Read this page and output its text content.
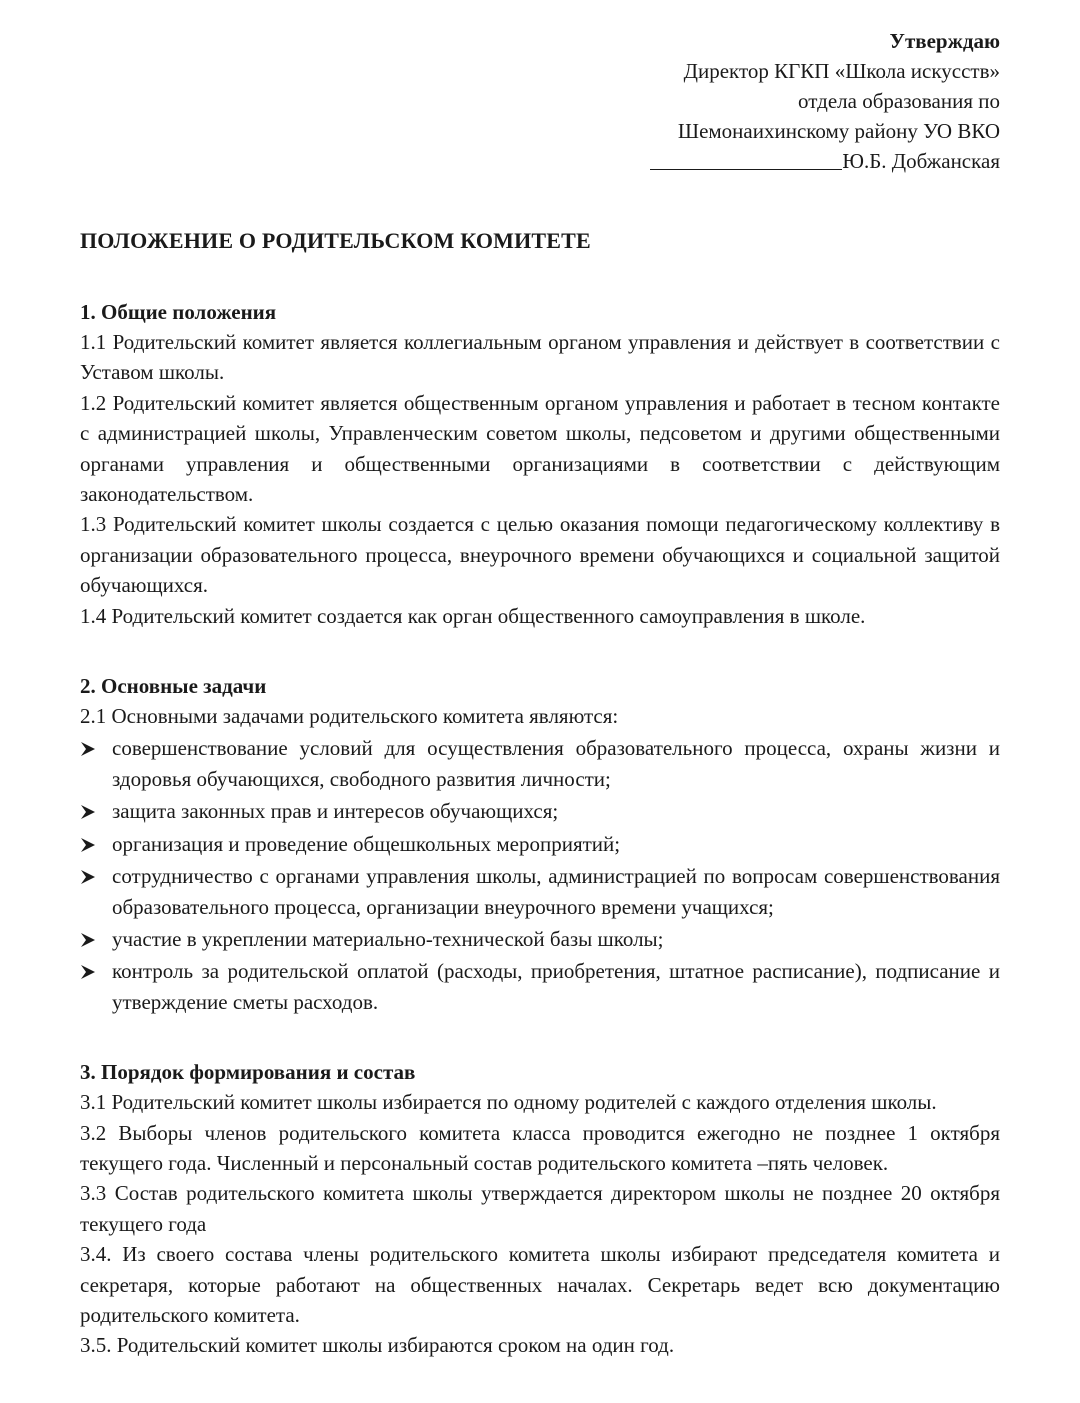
Утверждаю
Директор КГКП «Школа искусств»
отдела образования по
Шемонаихинскому району УО ВКО
Ю.Б. Добжанская
ПОЛОЖЕНИЕ О РОДИТЕЛЬСКОМ КОМИТЕТЕ
1. Общие положения

1.1 Родительский комитет является коллегиальным органом управления и действует в соответствии с Уставом школы.

1.2 Родительский комитет является общественным органом управления и работает в тесном контакте с администрацией школы, Управленческим советом школы, педсоветом и другими общественными органами управления и общественными организациями в соответствии с действующим законодательством.

1.3 Родительский комитет школы создается с целью оказания помощи педагогическому коллективу в организации образовательного процесса, внеурочного времени обучающихся и социальной защитой обучающихся.

1.4 Родительский комитет создается как орган общественного самоуправления в школе.

2. Основные задачи

2.1 Основными задачами родительского комитета являются:

совершенствование условий для осуществления образовательного процесса, охраны жизни и здоровья обучающихся, свободного развития личности;
защита законных прав и интересов обучающихся;
организация и проведение общешкольных мероприятий;
сотрудничество с органами управления школы, администрацией по вопросам совершенствования образовательного процесса, организации внеурочного времени учащихся;
участие в укреплении материально-технической базы школы;
контроль за родительской оплатой (расходы, приобретения, штатное расписание), подписание и утверждение сметы расходов.
3. Порядок формирования и состав

3.1 Родительский комитет школы избирается по одному родителей с каждого отделения школы.

3.2 Выборы членов родительского комитета класса проводится ежегодно не позднее 1 октября текущего года. Численный и персональный состав родительского комитета –пять человек.

3.3 Состав родительского комитета школы утверждается директором школы не позднее 20 октября текущего года

3.4. Из своего состава члены родительского комитета школы избирают председателя комитета и секретаря, которые работают на общественных началах. Секретарь ведет всю документацию родительского комитета.

3.5. Родительский комитет школы избираются сроком на один год.
